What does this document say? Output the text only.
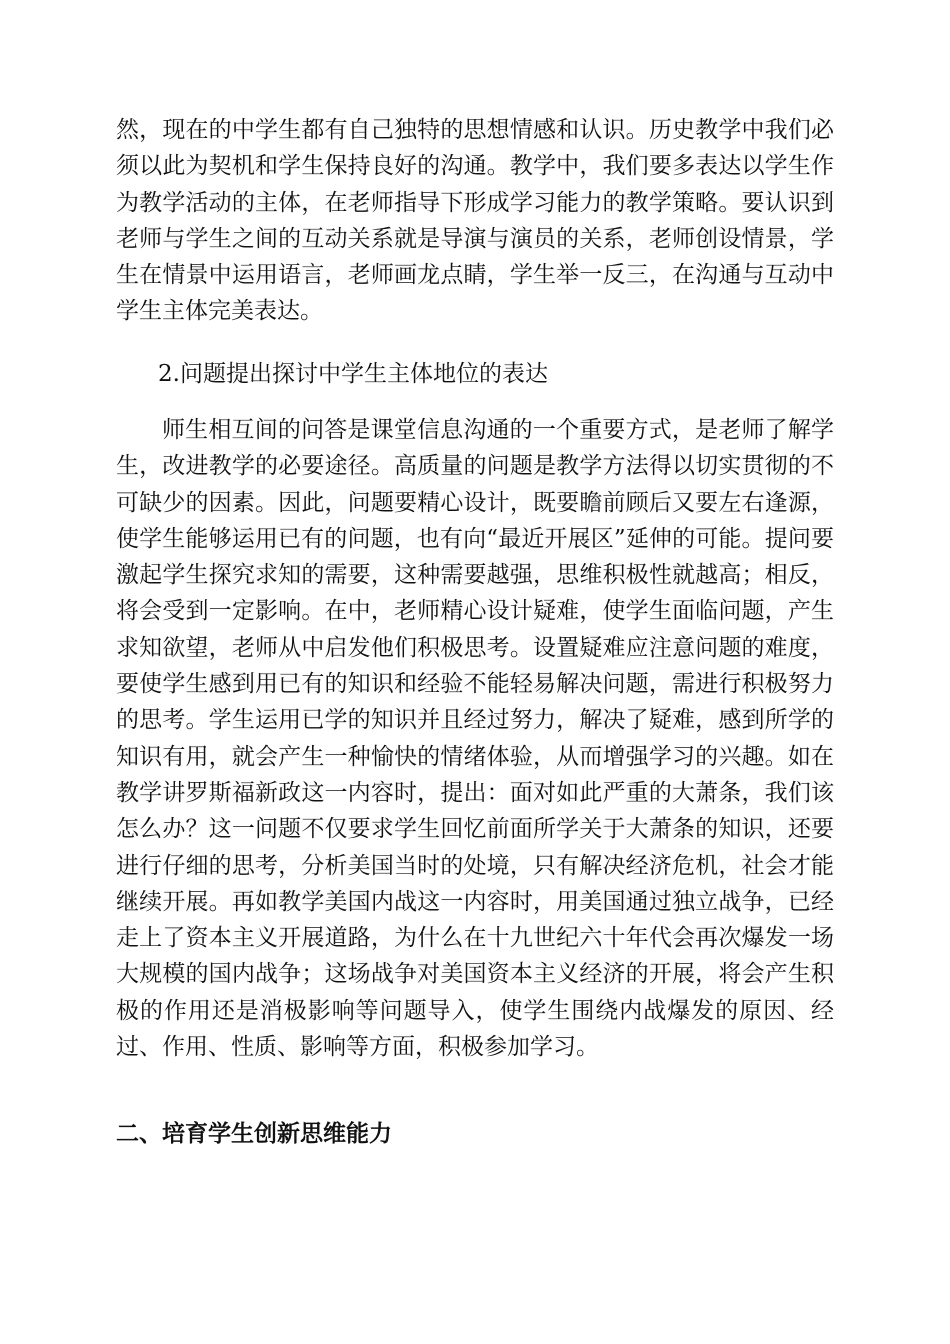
然，现在的中学生都有自己独特的思想情感和认识。历史教学中我们必须以此为契机和学生保持良好的沟通。教学中，我们要多表达以学生作为教学活动的主体，在老师指导下形成学习能力的教学策略。要认识到老师与学生之间的互动关系就是导演与演员的关系，老师创设情景，学生在情景中运用语言，老师画龙点睛，学生举一反三，在沟通与互动中学生主体完美表达。

2.问题提出探讨中学生主体地位的表达

师生相互间的问答是课堂信息沟通的一个重要方式，是老师了解学生，改进教学的必要途径。高质量的问题是教学方法得以切实贯彻的不可缺少的因素。因此，问题要精心设计，既要瞻前顾后又要左右逢源，使学生能够运用已有的问题，也有向“最近开展区”延伸的可能。提问要激起学生探究求知的需要，这种需要越强，思维积极性就越高；相反，将会受到一定影响。在中，老师精心设计疑难，使学生面临问题，产生求知欲望，老师从中启发他们积极思考。设置疑难应注意问题的难度，要使学生感到用已有的知识和经验不能轻易解决问题，需进行积极努力的思考。学生运用已学的知识并且经过努力，解决了疑难，感到所学的知识有用，就会产生一种愉快的情绪体验，从而增强学习的兴趣。如在教学讲罗斯福新政这一内容时，提出：面对如此严重的大萧条，我们该怎么办？这一问题不仅要求学生回忆前面所学关于大萧条的知识，还要进行仔细的思考，分析美国当时的处境，只有解决经济危机，社会才能继续开展。再如教学美国内战这一内容时，用美国通过独立战争，已经走上了资本主义开展道路，为什么在十九世纪六十年代会再次爆发一场大规模的国内战争；这场战争对美国资本主义经济的开展，将会产生积极的作用还是消极影响等问题导入，使学生围绕内战爆发的原因、经过、作用、性质、影响等方面，积极参加学习。

二、培育学生创新思维能力
